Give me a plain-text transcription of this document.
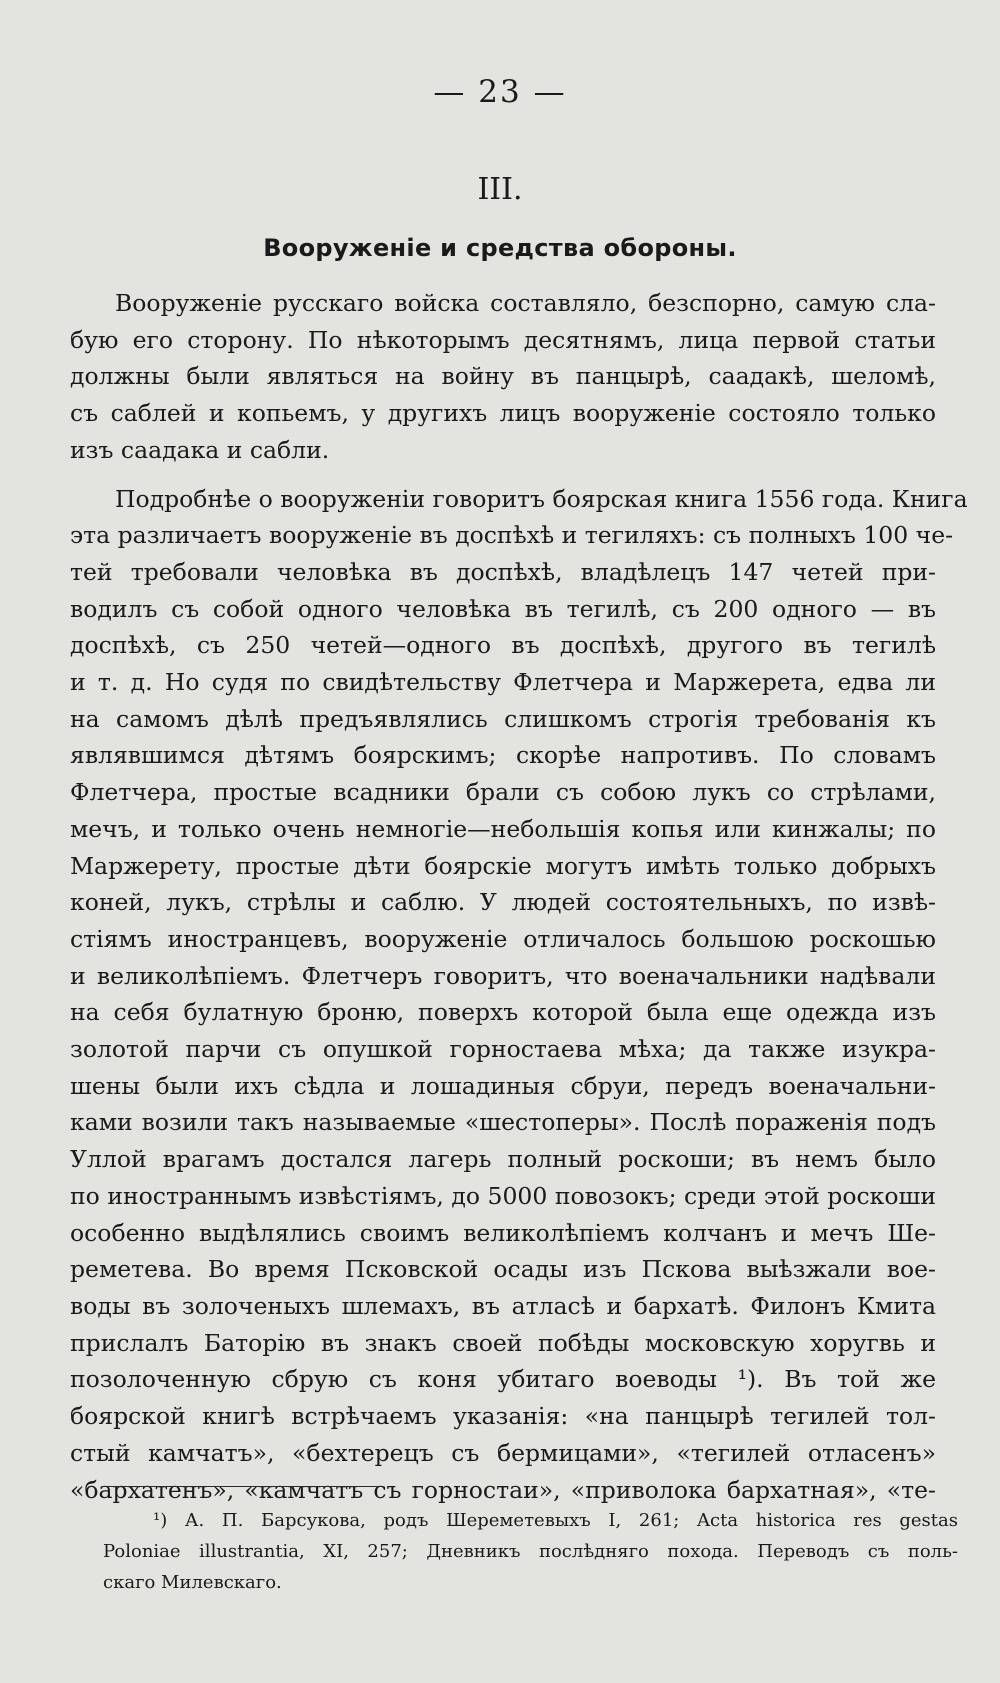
— 23 —
III.
Вооруженіе и средства обороны.
Вооруженіе русскаго войска составляло, безспорно, самую сла-
бую его сторону. По нѣкоторымъ десятнямъ, лица первой статьи
должны были являться на войну въ панцырѣ, саадакѣ, шеломѣ,
съ саблей и копьемъ, у другихъ лицъ вооруженіе состояло только
изъ саадака и сабли.
Подробнѣе о вооруженіи говоритъ боярская книга 1556 года. Книга
эта различаетъ вооруженіе въ доспѣхѣ и тегиляхъ: съ полныхъ 100 че-
тей требовали человѣка въ доспѣхѣ, владѣлецъ 147 четей при-
водилъ съ собой одного человѣка въ тегилѣ, съ 200 одного — въ
доспѣхѣ, съ 250 четей—одного въ доспѣхѣ, другого въ тегилѣ
и т. д. Но судя по свидѣтельству Флетчера и Маржерета, едва ли
на самомъ дѣлѣ предъявлялись слишкомъ строгія требованія къ
являвшимся дѣтямъ боярскимъ; скорѣе напротивъ. По словамъ
Флетчера, простые всадники брали съ собою лукъ со стрѣлами,
мечъ, и только очень немногіе—небольшія копья или кинжалы; по
Маржерету, простые дѣти боярскіе могутъ имѣть только добрыхъ
коней, лукъ, стрѣлы и саблю. У людей состоятельныхъ, по извѣ-
стіямъ иностранцевъ, вооруженіе отличалось большою роскошью
и великолѣпіемъ. Флетчеръ говоритъ, что военачальники надѣвали
на себя булатную броню, поверхъ которой была еще одежда изъ
золотой парчи съ опушкой горностаева мѣха; да также изукра-
шены были ихъ сѣдла и лошадиныя сбруи, передъ военачальни-
ками возили такъ называемые «шестоперы». Послѣ пораженія подъ
Уллой врагамъ достался лагерь полный роскоши; въ немъ было
по иностраннымъ извѣстіямъ, до 5000 повозокъ; среди этой роскоши
особенно выдѣлялись своимъ великолѣпіемъ колчанъ и мечъ Ше-
реметева. Во время Псковской осады изъ Пскова выѣзжали вое-
воды въ золоченыхъ шлемахъ, въ атласѣ и бархатѣ. Филонъ Кмита
прислалъ Баторію въ знакъ своей побѣды московскую хоругвь и
позолоченную сбрую съ коня убитаго воеводы ¹). Въ той же
боярской книгѣ встрѣчаемъ указанія: «на панцырѣ тегилей тол-
стый камчатъ», «бехтерецъ съ бермицами», «тегилей отласенъ»
«бархатенъ», «камчатъ съ горностаи», «приволока бархатная», «те-
¹) А. П. Барсукова, родъ Шереметевыхъ I, 261; Acta historica res gestas
Poloniae illustrantia, XI, 257; Дневникъ послѣдняго похода. Переводъ съ поль-
скаго Милевскаго.
